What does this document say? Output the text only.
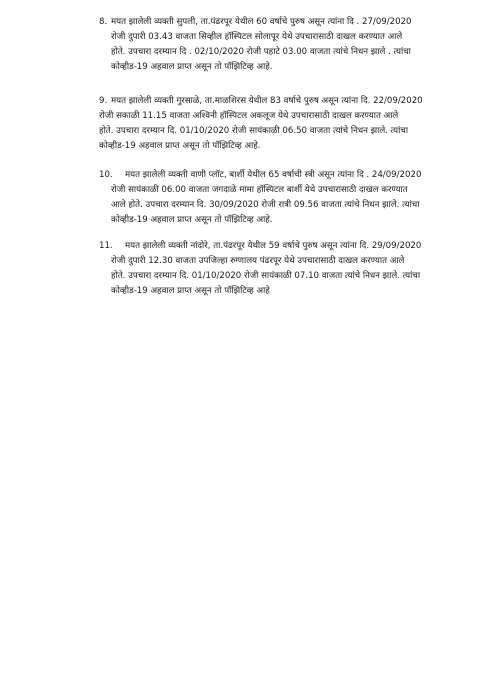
8. मयत झालेली व्यक्ती सुपली, ता.पंढरपूर येथील 60 वर्षाचे पुरुष असून त्यांना दि . 27/09/2020
रोजी दुपारी 03.43 वाजता सिव्हील हॉस्पिटल सोलापूर येथे उपचारासाठी दाखल करण्यात आले
होते. उपचारा दरम्यान दि . 02/10/2020 रोजी पहाटे 03.00 वाजता त्यांचे निधन झाले . त्यांचा
कोव्हीड-19 अहवाल प्राप्त असून तो पॉझिटिव्ह आहे.
9. मयत झालेली व्यक्ती गुरसाळे, ता.माळशिरस येथील 83 वर्षाचे पुरुष असून त्यांना दि. 22/09/2020
रोजी सकाळी 11.15 वाजता अश्विनी हॉस्पिटल अकलूज येथे उपचारासाठी दाखल करण्यात आले
होते. उपचारा दरम्यान दि. 01/10/2020 रोजी सायंकाळी 06.50 वाजता त्यांचे निधन झाले. त्यांचा
कोव्हीड-19 अहवाल प्राप्त असून तो पॉझिटिव्ह आहे.
10. मयत झालेली व्यक्ती वाणी प्लॉट, बार्शी येथील 65 वर्षाची स्त्री असून त्यांना दि . 24/09/2020
रोजी सायंकाळी 06.00 वाजता जगदाळे मामा हॉस्पिटल बार्शी येथे उपचारासाठी दाखल करण्यात
आले होते. उपचारा दरम्यान दि. 30/09/2020 रोजी रात्री 09.56 वाजता त्यांचे निधन झाले. त्यांचा
कोव्हीड-19 अहवाल प्राप्त असून तो पॉझिटिव्ह आहे.
11. मयत झालेली व्यक्ती नांदोरे, ता.पंढरपूर येथील 59 वर्षाचे पुरुष असून त्यांना दि. 29/09/2020
रोजी दुपारी 12.30 वाजता उपजिल्हा रुग्णालय पंढरपूर येथे उपचारासाठी दाखल करण्यात आले
होते. उपचारा दरम्यान दि. 01/10/2020 रोजी सायंकाळी 07.10 वाजता त्यांचे निधन झाले. त्यांचा
कोव्हीड-19 अहवाल प्राप्त असून तो पॉझिटिव्ह आहे
